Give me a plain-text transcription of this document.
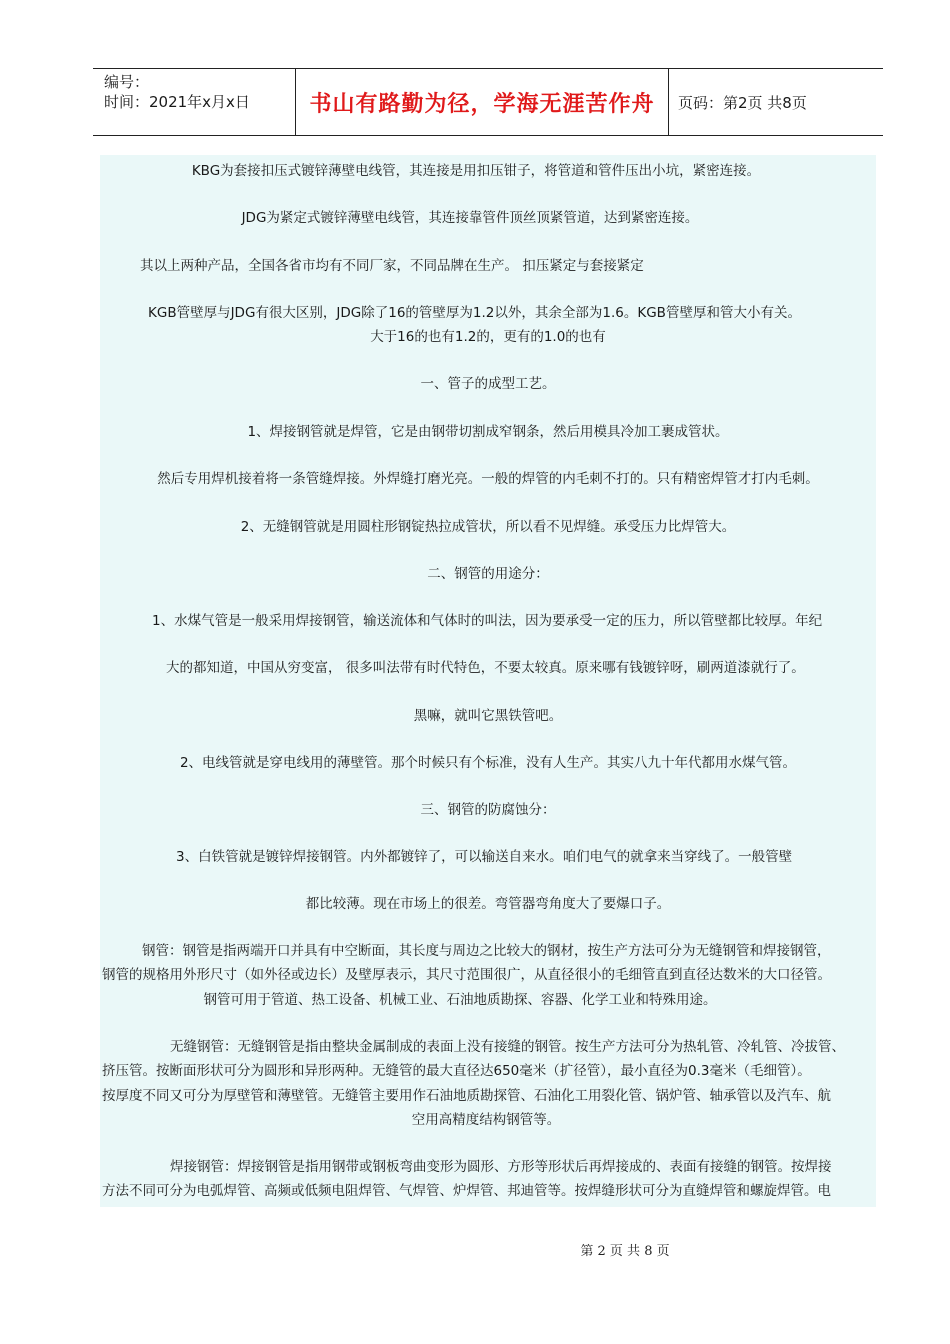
编号：
时间：2021年x月x日	书山有路勤为径，学海无涯苦作舟	页码：第2页 共8页
KBG为套接扣压式镀锌薄壁电线管，其连接是用扣压钳子，将管道和管件压出小坑，紧密连接。
JDG为紧定式镀锌薄壁电线管，其连接靠管件顶丝顶紧管道，达到紧密连接。
其以上两种产品，全国各省市均有不同厂家，不同品牌在生产。 扣压紧定与套接紧定
KGB管壁厚与JDG有很大区别，JDG除了16的管壁厚为1.2以外，其余全部为1.6。KGB管壁厚和管大小有关。
大于16的也有1.2的，更有的1.0的也有
一、管子的成型工艺。
1、焊接钢管就是焊管，它是由钢带切割成窄钢条，然后用模具冷加工裹成管状。
然后专用焊机接着将一条管缝焊接。外焊缝打磨光亮。一般的焊管的内毛刺不打的。只有精密焊管才打内毛刺。
2、无缝钢管就是用圆柱形钢锭热拉成管状，所以看不见焊缝。承受压力比焊管大。
二、钢管的用途分：
1、水煤气管是一般采用焊接钢管，输送流体和气体时的叫法，因为要承受一定的压力，所以管壁都比较厚。年纪
大的都知道，中国从穷变富， 很多叫法带有时代特色，不要太较真。原来哪有钱镀锌呀，刷两道漆就行了。
黑嘛，就叫它黑铁管吧。
2、电线管就是穿电线用的薄壁管。那个时候只有个标准，没有人生产。其实八九十年代都用水煤气管。
三、钢管的防腐蚀分：
3、白铁管就是镀锌焊接钢管。内外都镀锌了，可以输送自来水。咱们电气的就拿来当穿线了。一般管壁
都比较薄。现在市场上的很差。弯管器弯角度大了要爆口子。
钢管：钢管是指两端开口并具有中空断面，其长度与周边之比较大的钢材，按生产方法可分为无缝钢管和焊接钢管，
钢管的规格用外形尺寸（如外径或边长）及壁厚表示，其尺寸范围很广，从直径很小的毛细管直到直径达数米的大口径管。
钢管可用于管道、热工设备、机械工业、石油地质勘探、容器、化学工业和特殊用途。
无缝钢管：无缝钢管是指由整块金属制成的表面上没有接缝的钢管。按生产方法可分为热轧管、冷轧管、冷拔管、
挤压管。按断面形状可分为圆形和异形两种。无缝管的最大直径达650毫米（扩径管），最小直径为0.3毫米（毛细管）。
按厚度不同又可分为厚壁管和薄壁管。无缝管主要用作石油地质勘探管、石油化工用裂化管、锅炉管、轴承管以及汽车、航
空用高精度结构钢管等。
焊接钢管：焊接钢管是指用钢带或钢板弯曲变形为圆形、方形等形状后再焊接成的、表面有接缝的钢管。按焊接
方法不同可分为电弧焊管、高频或低频电阻焊管、气焊管、炉焊管、邦迪管等。按焊缝形状可分为直缝焊管和螺旋焊管。电
第 2 页 共 8 页
